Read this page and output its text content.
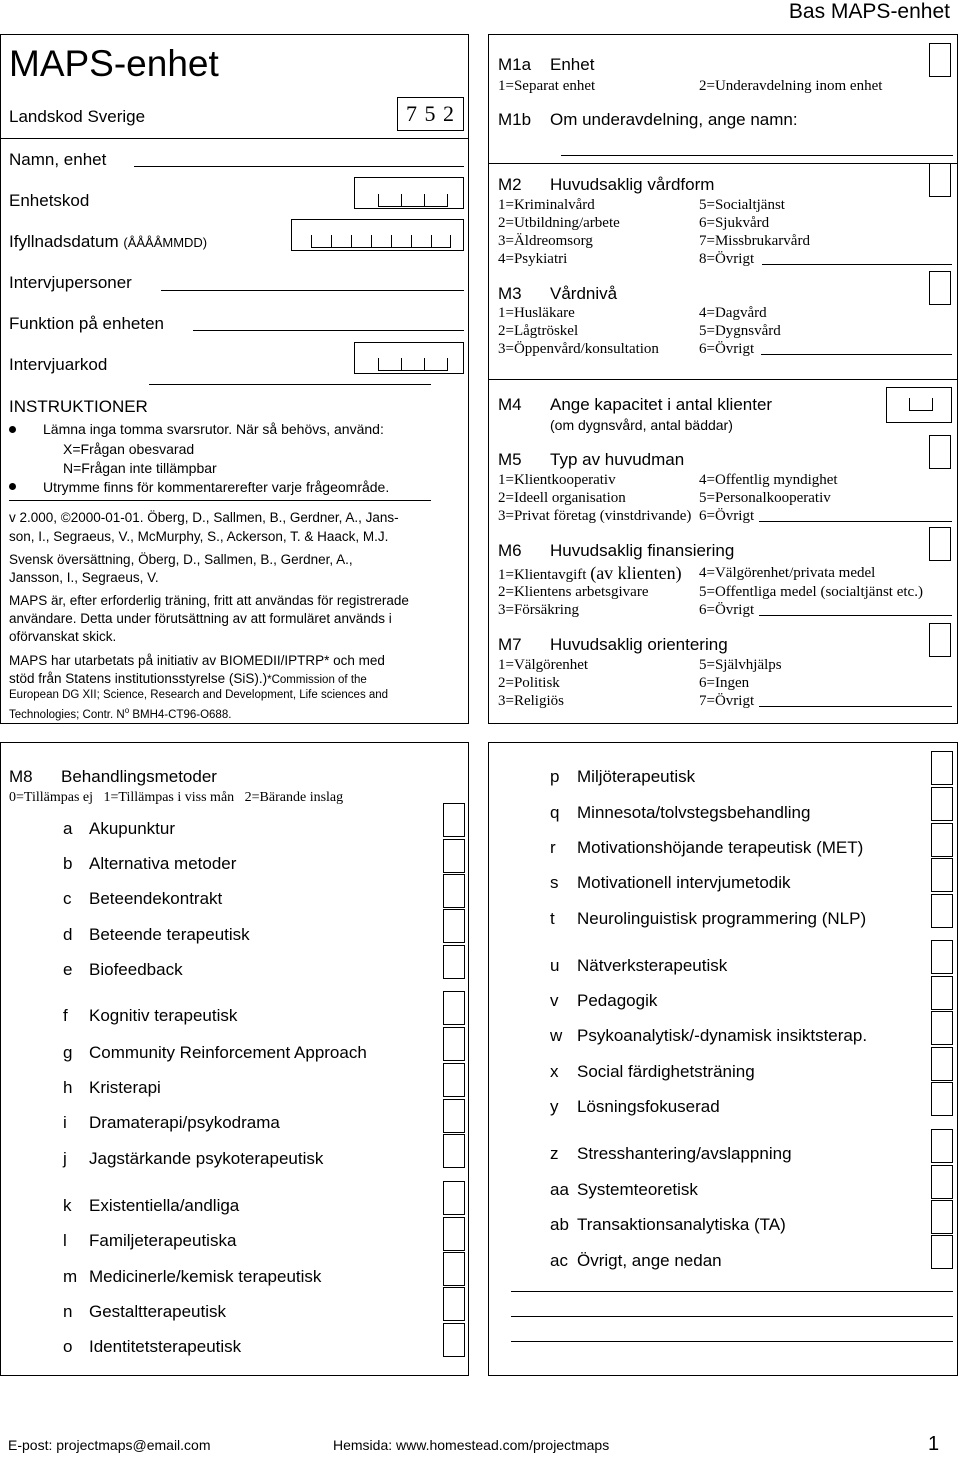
Bas MAPS-enhet
MAPS-enhet
Landskod Sverige	7 5 2
Namn, enhet
Enhetskod
Ifyllnadsdatum (ÅÅÅÅMMDD)
Intervjupersoner
Funktion på enheten
Intervjuarkod
INSTRUKTIONER
Lämna inga tomma svarsrutor. När så behövs, använd:
X=Frågan obesvarad
N=Frågan inte tillämpbar
Utrymme finns för kommentarerefter varje frågeområde.
v 2.000, ©2000-01-01. Öberg, D., Sallmen, B., Gerdner, A., Jans-
son, I., Segraeus, V., McMurphy, S., Ackerson, T. & Haack, M.J.
Svensk översättning, Öberg, D., Sallmen, B., Gerdner, A.,
Jansson, I., Segraeus, V.
MAPS är, efter erforderlig träning, fritt att användas för registrerade
användare. Detta under förutsättning av att formuläret används i
oförvanskat skick.
MAPS har utarbetats på initiativ av BIOMEDII/IPTRP* och med
stöd från Statens institutionsstyrelse (SiS).)*Commission of the
European DG XII; Science, Research and Development, Life sciences and
Technologies; Contr. $N^o$ BMH4-CT96-O688.
M1a Enhet
1=Separat enhet	2=Underavdelning inom enhet
M1b Om underavdelning, ange namn:
M2 Huvudsaklig vårdform
1=Kriminalvård
2=Utbildning/arbete
3=Äldreomsorg
4=Psykiatri
5=Socialtjänst
6=Sjukvård
7=Missbrukarvård
8=Övrigt
M3 Vårdnivå
1=Husläkare
2=Lågtröskel
3=Öppenvård/konsultation
4=Dagvård
5=Dygnsvård
6=Övrigt
M4 Ange kapacitet i antal klienter
(om dygnsvård, antal bäddar)
M5 Typ av huvudman
1=Klientkooperativ
2=Ideell organisation
3=Privat företag (vinstdrivande)
4=Offentlig myndighet
5=Personalkooperativ
6=Övrigt
M6 Huvudsaklig finansiering
1=Klientavgift (av klienten)
2=Klientens arbetsgivare
3=Försäkring
4=Välgörenhet/privata medel
5=Offentliga medel (socialtjänst etc.)
6=Övrigt
M7 Huvudsaklig orientering
1=Välgörenhet
2=Politisk
3=Religiös
5=Självhjälps
6=Ingen
7=Övrigt
M8 Behandlingsmetoder
0=Tillämpas ej   1=Tillämpas i viss mån   2=Bärande inslag
a Akupunktur
b Alternativa metoder
c Beteendekontrakt
d Beteende terapeutisk
e Biofeedback
f Kognitiv terapeutisk
g Community Reinforcement Approach
h Kristerapi
i Dramaterapi/psykodrama
j Jagstärkande psykoterapeutisk
k Existentiella/andliga
l Familjeterapeutiska
m Medicinerle/kemisk terapeutisk
n Gestaltterapeutisk
o Identitetsterapeutisk
p Miljöterapeutisk
q Minnesota/tolvstegsbehandling
r Motivationshöjande terapeutisk (MET)
s Motivationell intervjumetodik
t Neurolinguistisk programmering (NLP)
u Nätverksterapeutisk
v Pedagogik
w Psykoanalytisk/-dynamisk insiktsterap.
x Social färdighetsträning
y Lösningsfokuserad
z Stresshantering/avslappning
aa Systemteoretisk
ab Transaktionsanalytiska (TA)
ac Övrigt, ange nedan
E-post: projectmaps@email.com	Hemsida: www.homestead.com/projectmaps	1
